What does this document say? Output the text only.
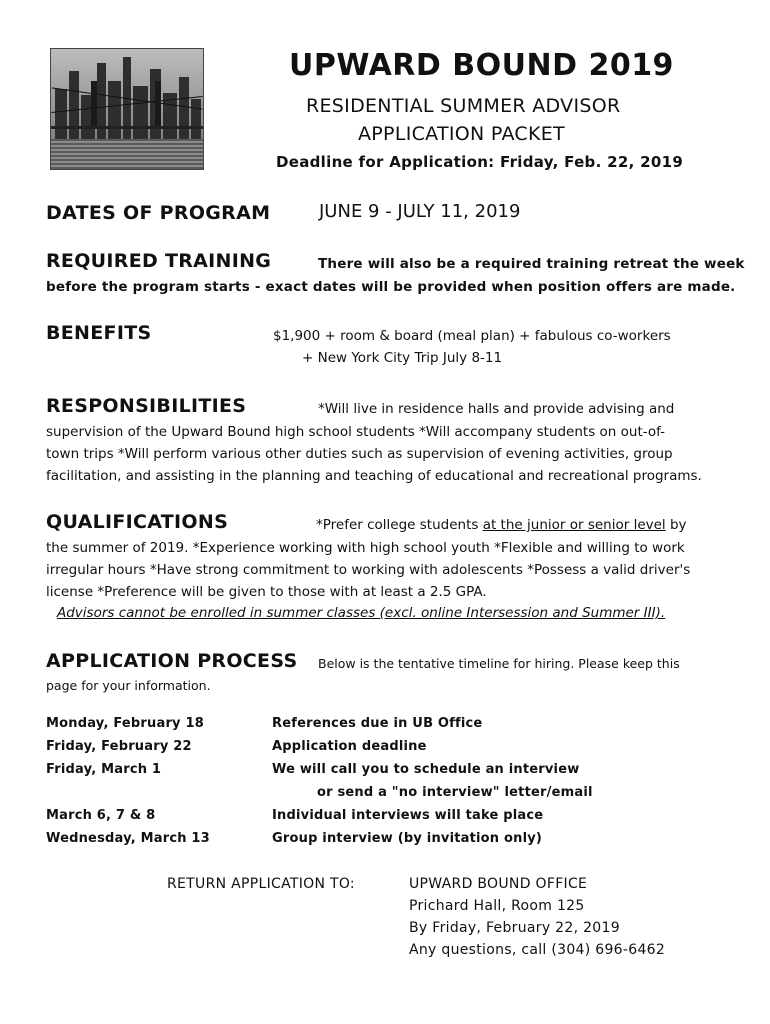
UPWARD BOUND 2019
RESIDENTIAL SUMMER ADVISOR
APPLICATION PACKET
Deadline for Application: Friday, Feb. 22, 2019
DATES OF PROGRAM	JUNE 9 - JULY 11, 2019
REQUIRED TRAINING	There will also be a required training retreat the week
before the program starts - exact dates will be provided when position offers are made.
BENEFITS	$1,900 + room & board (meal plan) + fabulous co-workers
+ New York City Trip July 8-11
RESPONSIBILITIES	*Will live in residence halls and provide advising and
supervision of the Upward Bound high school students *Will accompany students on out-of-
town trips *Will perform various other duties such as supervision of evening activities, group
facilitation, and assisting in the planning and teaching of educational and recreational programs.
QUALIFICATIONS	*Prefer college students at the junior or senior level by
the summer of 2019. *Experience working with high school youth *Flexible and willing to work
irregular hours *Have strong commitment to working with adolescents *Possess a valid driver's
license *Preference will be given to those with at least a 2.5 GPA.
Advisors cannot be enrolled in summer classes (excl. online Intersession and Summer III).
APPLICATION PROCESS Below is the tentative timeline for hiring. Please keep this
page for your information.
Monday, February 18	References due in UB Office
Friday, February 22	Application deadline
Friday, March 1	We will call you to schedule an interview
or send a "no interview" letter/email
March 6, 7 & 8	Individual interviews will take place
Wednesday, March 13	Group interview (by invitation only)
RETURN APPLICATION TO:	UPWARD BOUND OFFICE
Prichard Hall, Room 125
By Friday, February 22, 2019
Any questions, call (304) 696-6462
